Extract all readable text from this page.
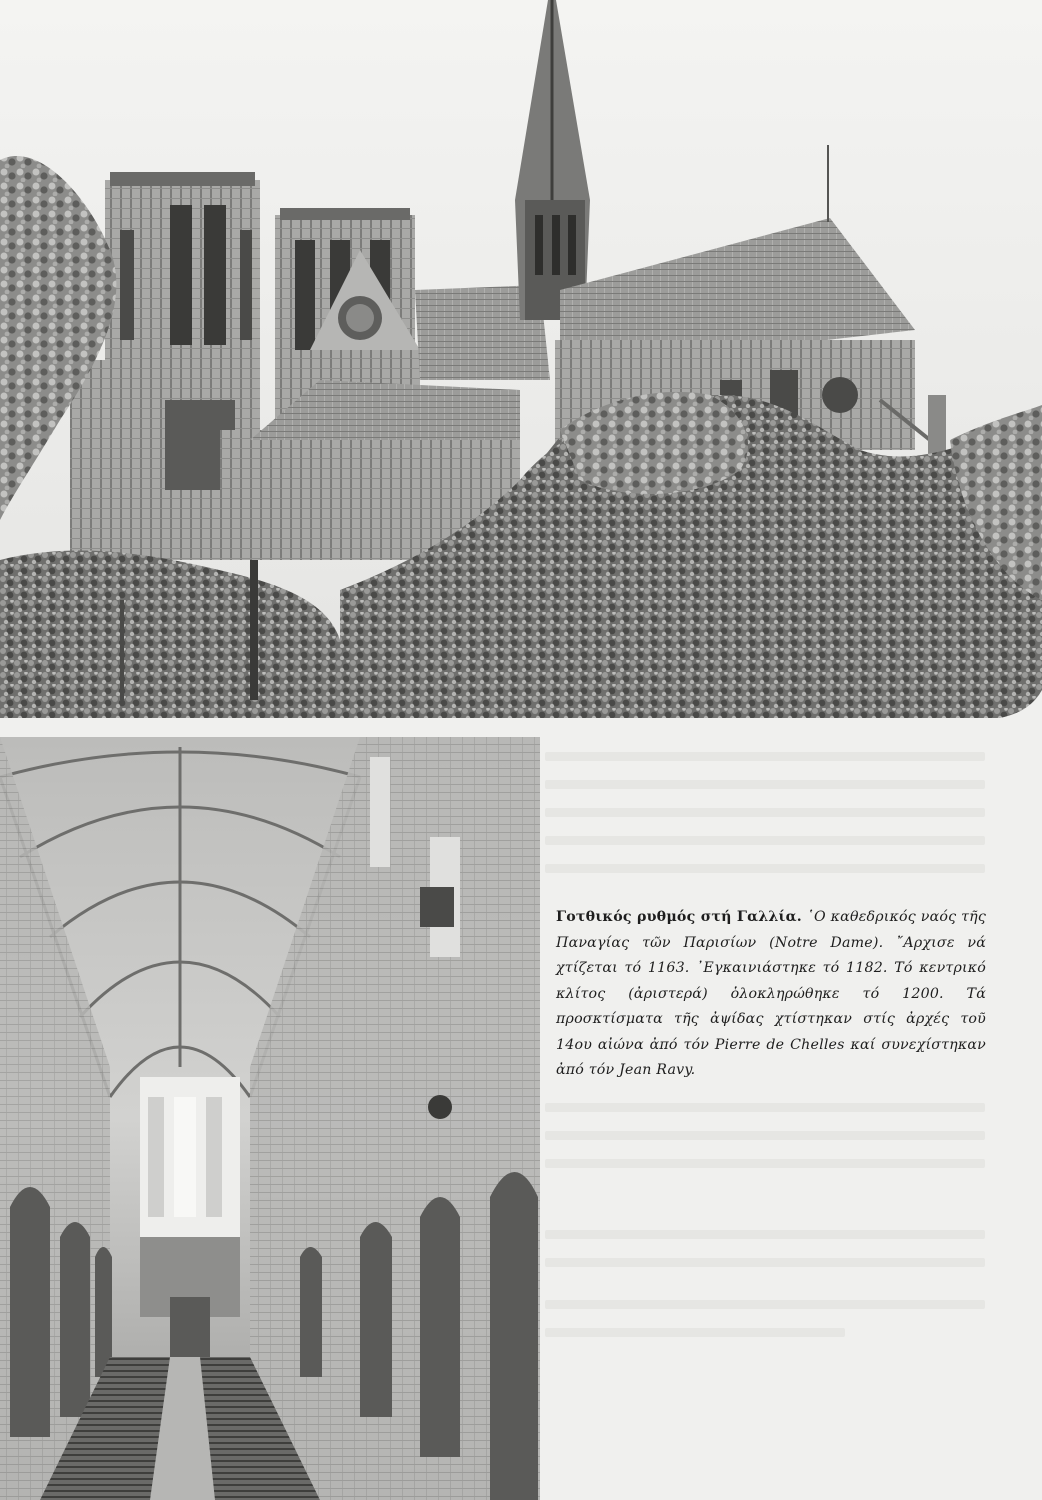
Γοτθικός ρυθμός στή Γαλλία. ῾Ο καθεδρικός ναός τῆς Παναγίας τῶν Παρισίων (Notre Dame). ῎Αρχισε νά χτίζεται τό 1163. ᾿Εγκαινιάστηκε τό 1182. Τό κεντρικό κλίτος (ἀριστερά) ὁλοκληρώθηκε τό 1200. Τά προσκτίσματα τῆς ἀψίδας χτίστηκαν στίς ἀρχές τοῦ 14ου αἰώνα ἀπό τόν Pierre de Chelles καί συνεχίστηκαν ἀπό τόν Jean Ravy.
